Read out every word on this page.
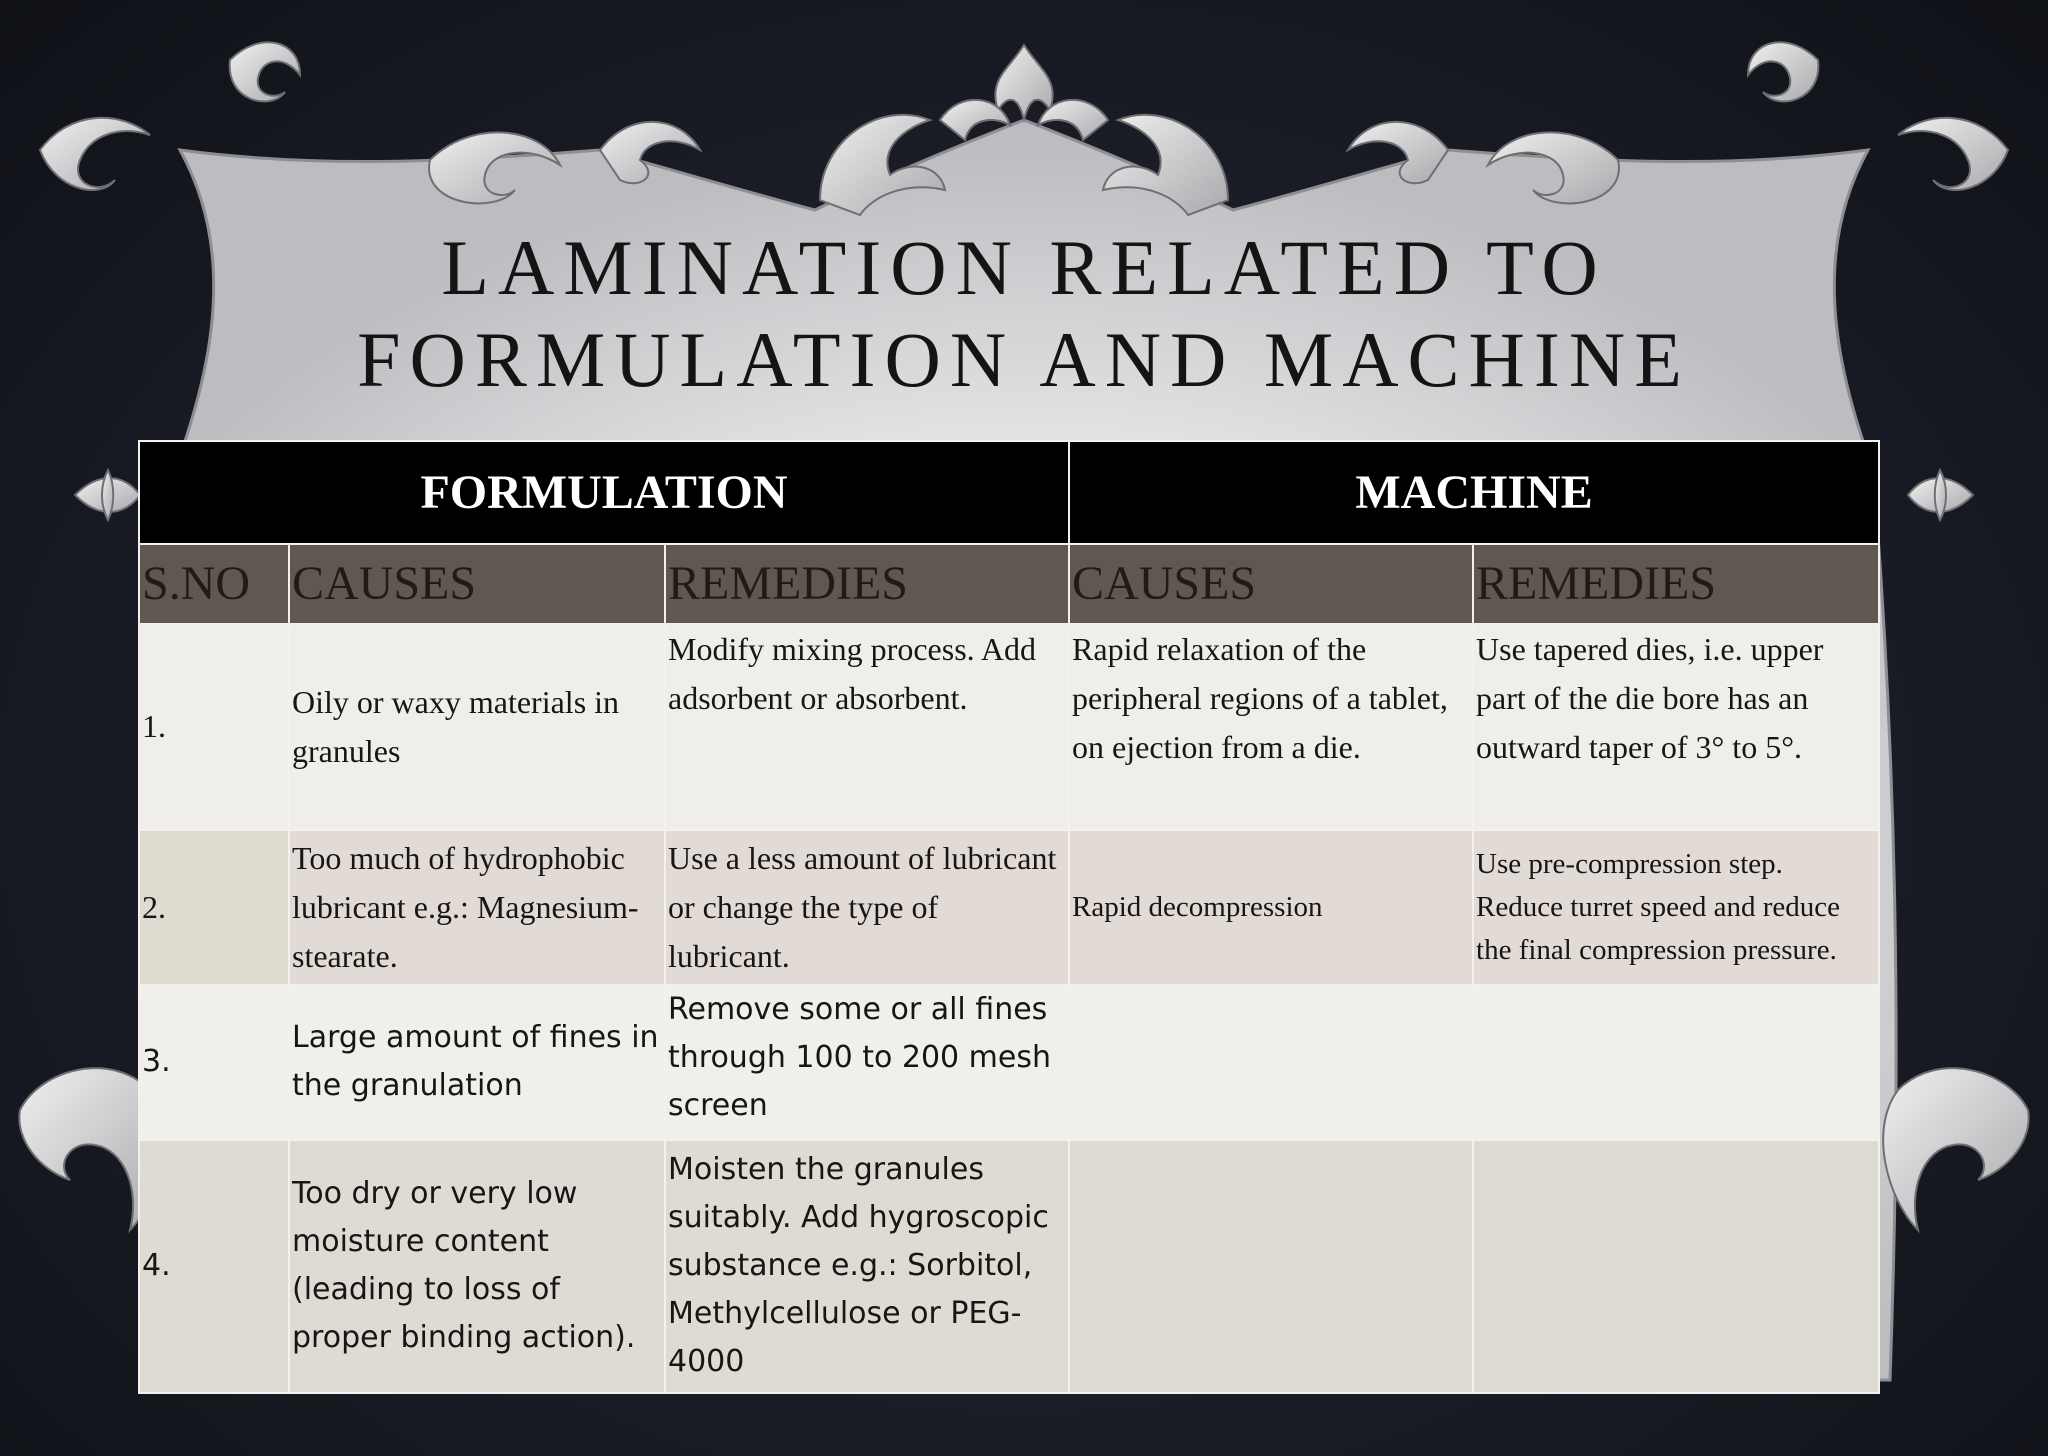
LAMINATION RELATED TO
FORMULATION AND MACHINE
FORMULATION			MACHINE	
S.NO	CAUSES	REMEDIES	CAUSES	REMEDIES
1.	Oily or waxy materials in granules	Modify mixing process. Add adsorbent or absorbent.	Rapid relaxation of the peripheral regions of a tablet, on ejection from a die.	Use tapered dies, i.e. upper part of the die bore has an outward taper of 3° to 5°.
2.	Too much of hydrophobic lubricant e.g.: Magnesium-stearate.	Use a less amount of lubricant or change the type of lubricant.	Rapid decompression	Use pre-compression step. Reduce turret speed and reduce the final compression pressure.
3.	Large amount of fines in the granulation	Remove some or all fines through 100 to 200 mesh screen		
4.	Too dry or very low moisture content (leading to loss of proper binding action).	Moisten the granules suitably. Add hygroscopic substance e.g.: Sorbitol, Methylcellulose or PEG-4000		
